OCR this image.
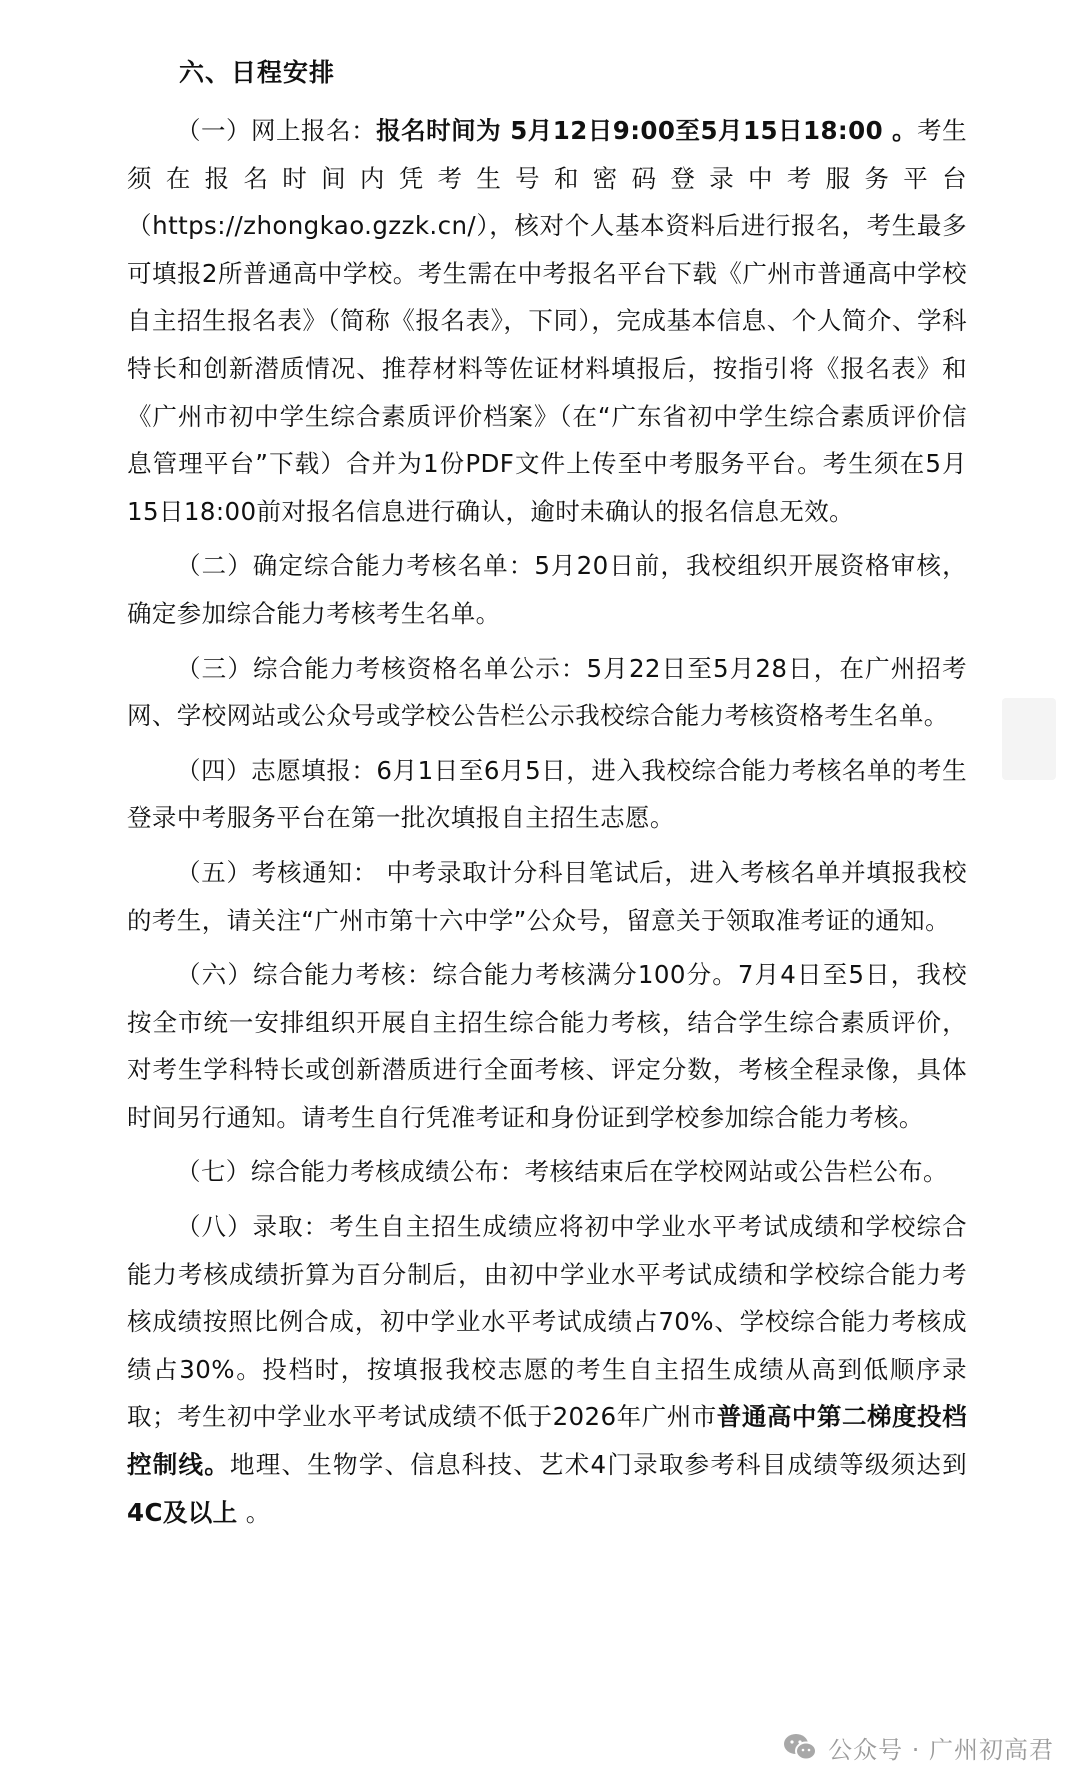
六、日程安排

（一）网上报名：报名时间为 5月12日9:00至5月15日18:00 。考生须在报名时间内凭考生号和密码登录中考服务平台（https://zhongkao.gzzk.cn/），核对个人基本资料后进行报名，考生最多可填报2所普通高中学校。考生需在中考报名平台下载《广州市普通高中学校自主招生报名表》（简称《报名表》，下同），完成基本信息、个人简介、学科特长和创新潜质情况、推荐材料等佐证材料填报后，按指引将《报名表》和《广州市初中学生综合素质评价档案》（在“广东省初中学生综合素质评价信息管理平台”下载）合并为1份PDF文件上传至中考服务平台。考生须在5月15日18:00前对报名信息进行确认，逾时未确认的报名信息无效。

（二）确定综合能力考核名单：5月20日前，我校组织开展资格审核，确定参加综合能力考核考生名单。

（三）综合能力考核资格名单公示：5月22日至5月28日，在广州招考网、学校网站或公众号或学校公告栏公示我校综合能力考核资格考生名单。

（四）志愿填报：6月1日至6月5日，进入我校综合能力考核名单的考生登录中考服务平台在第一批次填报自主招生志愿。

（五）考核通知： 中考录取计分科目笔试后，进入考核名单并填报我校的考生，请关注“广州市第十六中学”公众号，留意关于领取准考证的通知。

（六）综合能力考核：综合能力考核满分100分。7月4日至5日，我校按全市统一安排组织开展自主招生综合能力考核，结合学生综合素质评价，对考生学科特长或创新潜质进行全面考核、评定分数，考核全程录像，具体时间另行通知。请考生自行凭准考证和身份证到学校参加综合能力考核。

（七）综合能力考核成绩公布：考核结束后在学校网站或公告栏公布。

（八）录取：考生自主招生成绩应将初中学业水平考试成绩和学校综合能力考核成绩折算为百分制后，由初中学业水平考试成绩和学校综合能力考核成绩按照比例合成，初中学业水平考试成绩占70%、学校综合能力考核成绩占30%。投档时，按填报我校志愿的考生自主招生成绩从高到低顺序录取；考生初中学业水平考试成绩不低于2026年广州市普通高中第二梯度投档控制线。地理、生物学、信息科技、艺术4门录取参考科目成绩等级须达到 4C及以上 。

公众号 · 广州初高君
